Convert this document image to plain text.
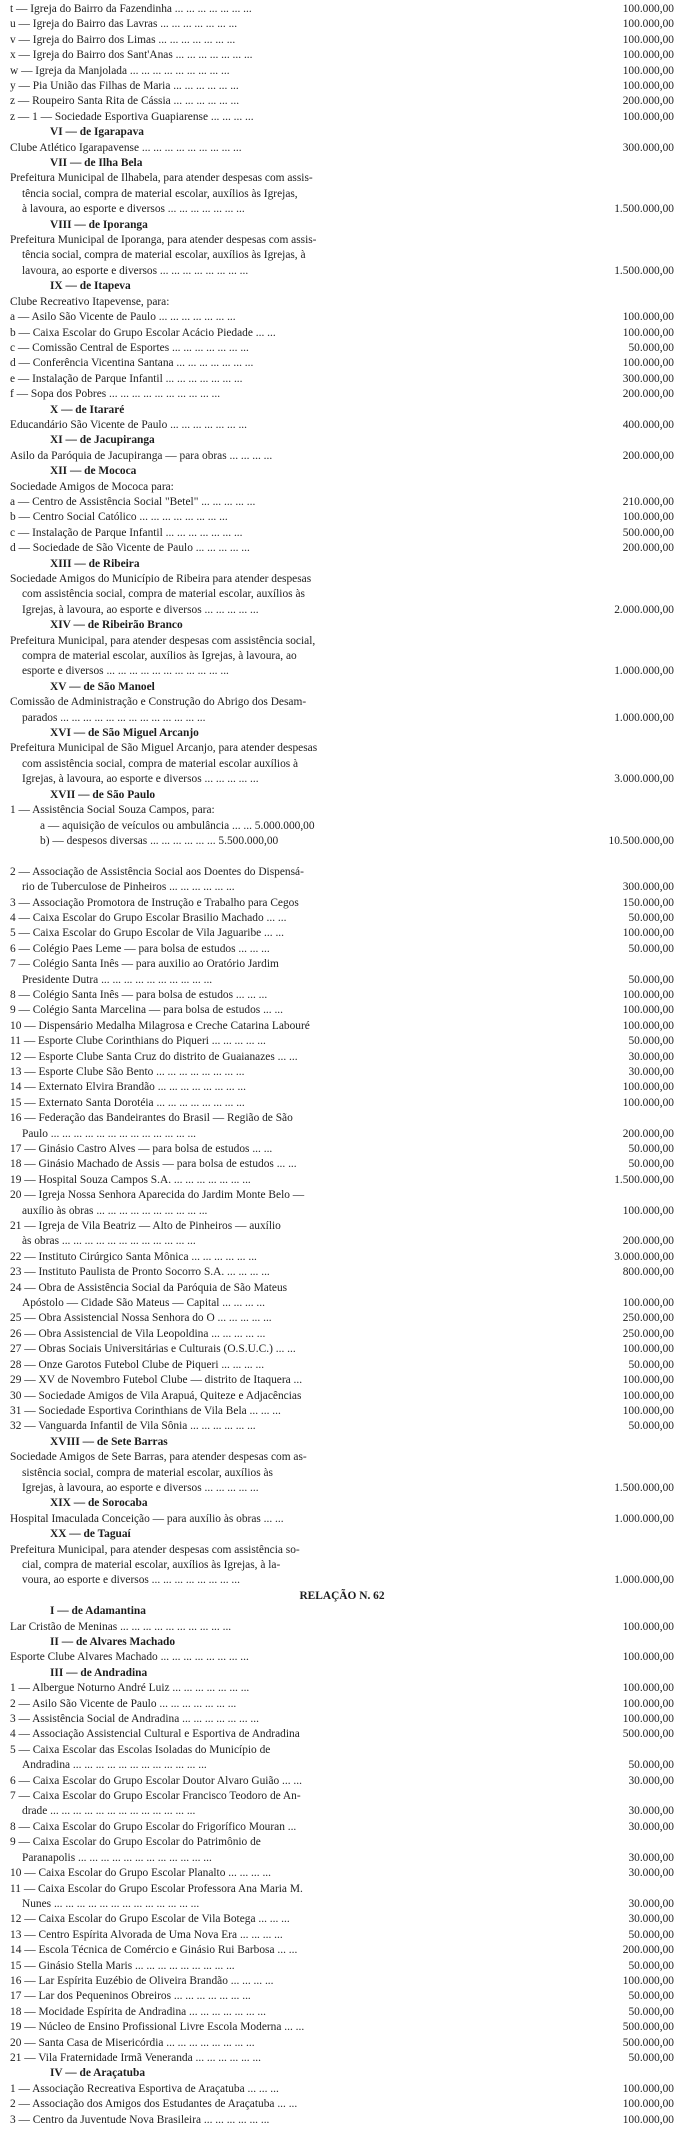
t — Igreja do Bairro da Fazendinha ... ... ... ... ... ... ...	100.000,00
u — Igreja do Bairro das Lavras ... ... ... ... ... ... ...	100.000,00
v — Igreja do Bairro dos Limas ... ... ... ... ... ... ...	100.000,00
x — Igreja do Bairro dos Sant'Anas ... ... ... ... ... ... ...	100.000,00
w — Igreja da Manjolada ... ... ... ... ... ... ... ... ...	100.000,00
y — Pia União das Filhas de Maria ... ... ... ... ... ...	100.000,00
z — Roupeiro Santa Rita de Cássia ... ... ... ... ... ...	200.000,00
z — 1 — Sociedade Esportiva Guapiarense ... ... ... ...	100.000,00
VI — de Igarapava
Clube Atlético Igarapavense ... ... ... ... ... ... ... ... ...	300.000,00
VII — de Ilha Bela
Prefeitura Municipal de Ilhabela, para atender despesas com assis-
tência social, compra de material escolar, auxílios às Igrejas,
à lavoura, ao esporte e diversos ... ... ... ... ... ... ...	1.500.000,00
VIII — de Iporanga
Prefeitura Municipal de Iporanga, para atender despesas com assis-
tência social, compra de material escolar, auxílios às Igrejas, à
lavoura, ao esporte e diversos ... ... ... ... ... ... ... ...	1.500.000,00
IX — de Itapeva
Clube Recreativo Itapevense, para:
a — Asilo São Vicente de Paulo ... ... ... ... ... ... ...	100.000,00
b — Caixa Escolar do Grupo Escolar Acácio Piedade ... ...	100.000,00
c — Comissão Central de Esportes ... ... ... ... ... ... ...	50.000,00
d — Conferência Vicentina Santana ... ... ... ... ... ... ...	100.000,00
e — Instalação de Parque Infantil ... ... ... ... ... ... ...	300.000,00
f — Sopa dos Pobres ... ... ... ... ... ... ... ... ... ...	200.000,00
X — de Itararé
Educandário São Vicente de Paulo ... ... ... ... ... ... ...	400.000,00
XI — de Jacupiranga
Asilo da Paróquia de Jacupiranga — para obras ... ... ... ...	200.000,00
XII — de Mococa
Sociedade Amigos de Mococa para:
a — Centro de Assistência Social "Betel" ... ... ... ... ...	210.000,00
b — Centro Social Católico ... ... ... ... ... ... ... ...	100.000,00
c — Instalação de Parque Infantil ... ... ... ... ... ... ...	500.000,00
d — Sociedade de São Vicente de Paulo ... ... ... ... ...	200.000,00
XIII — de Ribeira
Sociedade Amigos do Município de Ribeira para atender despesas
com assistência social, compra de material escolar, auxílios às
Igrejas, à lavoura, ao esporte e diversos ... ... ... ... ...	2.000.000,00
XIV — de Ribeirão Branco
Prefeitura Municipal, para atender despesas com assistência social,
compra de material escolar, auxílios às Igrejas, à lavoura, ao
esporte e diversos ... ... ... ... ... ... ... ... ... ... ...	1.000.000,00
XV — de São Manoel
Comissão de Administração e Construção do Abrigo dos Desam-
parados ... ... ... ... ... ... ... ... ... ... ... ... ...	1.000.000,00
XVI — de São Miguel Arcanjo
Prefeitura Municipal de São Miguel Arcanjo, para atender despesas
com assistência social, compra de material escolar auxílios à
Igrejas, à lavoura, ao esporte e diversos ... ... ... ... ...	3.000.000,00
XVII — de São Paulo
1 — Assistência Social Souza Campos, para:
a — aquisição de veículos ou ambulância ... ... 5.000.000,00
b) — despesos diversas ... ... ... ... ... ... 5.500.000,00	10.500.000,00
2 — Associação de Assistência Social aos Doentes do Dispensá-
rio de Tuberculose de Pinheiros ... ... ... ... ... ...	300.000,00
3 — Associação Promotora de Instrução e Trabalho para Cegos	150.000,00
4 — Caixa Escolar do Grupo Escolar Brasilio Machado ... ...	50.000,00
5 — Caixa Escolar do Grupo Escolar de Vila Jaguaribe ... ...	100.000,00
6 — Colégio Paes Leme — para bolsa de estudos ... ... ...	50.000,00
7 — Colégio Santa Inês — para auxilio ao Oratório Jardim
Presidente Dutra ... ... ... ... ... ... ... ... ... ...	50.000,00
8 — Colégio Santa Inês — para bolsa de estudos ... ... ...	100.000,00
9 — Colégio Santa Marcelina — para bolsa de estudos ... ...	100.000,00
10 — Dispensário Medalha Milagrosa e Creche Catarina Labouré	100.000,00
11 — Esporte Clube Corinthians do Piqueri ... ... ... ... ...	50.000,00
12 — Esporte Clube Santa Cruz do distrito de Guaianazes ... ...	30.000,00
13 — Esporte Clube São Bento ... ... ... ... ... ... ... ...	30.000,00
14 — Externato Elvira Brandão ... ... ... ... ... ... ... ...	100.000,00
15 — Externato Santa Dorotéia ... ... ... ... ... ... ... ...	100.000,00
16 — Federação das Bandeirantes do Brasil — Região de São
Paulo ... ... ... ... ... ... ... ... ... ... ... ... ...	200.000,00
17 — Ginásio Castro Alves — para bolsa de estudos ... ...	50.000,00
18 — Ginásio Machado de Assis — para bolsa de estudos ... ...	50.000,00
19 — Hospital Souza Campos S.A. ... ... ... ... ... ... ...	1.500.000,00
20 — Igreja Nossa Senhora Aparecida do Jardim Monte Belo —
auxílio às obras ... ... ... ... ... ... ... ... ... ...	100.000,00
21 — Igreja de Vila Beatriz — Alto de Pinheiros — auxílio
às obras ... ... ... ... ... ... ... ... ... ... ... ...	200.000,00
22 — Instituto Cirúrgico Santa Mônica ... ... ... ... ... ...	3.000.000,00
23 — Instituto Paulista de Pronto Socorro S.A. ... ... ... ...	800.000,00
24 — Obra de Assistência Social da Paróquia de São Mateus
Apóstolo — Cidade São Mateus — Capital ... ... ... ...	100.000,00
25 — Obra Assistencial Nossa Senhora do O ... ... ... ... ...	250.000,00
26 — Obra Assistencial de Vila Leopoldina ... ... ... ... ...	250.000,00
27 — Obras Sociais Universitárias e Culturais (O.S.U.C.) ... ...	100.000,00
28 — Onze Garotos Futebol Clube de Piqueri ... ... ... ...	50.000,00
29 — XV de Novembro Futebol Clube — distrito de Itaquera ...	100.000,00
30 — Sociedade Amigos de Vila Arapuá, Quiteze e Adjacências	100.000,00
31 — Sociedade Esportiva Corinthians de Vila Bela ... ... ...	100.000,00
32 — Vanguarda Infantil de Vila Sônia ... ... ... ... ... ...	50.000,00
XVIII — de Sete Barras
Sociedade Amigos de Sete Barras, para atender despesas com as-
sistência social, compra de material escolar, auxílios às
Igrejas, à lavoura, ao esporte e diversos ... ... ... ... ...	1.500.000,00
XIX — de Sorocaba
Hospital Imaculada Conceição — para auxílio às obras ... ...	1.000.000,00
XX — de Taguaí
Prefeitura Municipal, para atender despesas com assistência so-
cial, compra de material escolar, auxílios às Igrejas, à la-
voura, ao esporte e diversos ... ... ... ... ... ... ... ...	1.000.000,00
RELAÇÃO N. 62
I — de Adamantina
Lar Cristão de Meninas ... ... ... ... ... ... ... ... ... ...	100.000,00
II — de Alvares Machado
Esporte Clube Alvares Machado ... ... ... ... ... ... ... ...	100.000,00
III — de Andradina
1 — Albergue Noturno André Luiz ... ... ... ... ... ... ...	100.000,00
2 — Asilo São Vicente de Paulo ... ... ... ... ... ... ...	100.000,00
3 — Assistência Social de Andradina ... ... ... ... ... ... ...	100.000,00
4 — Associação Assistencial Cultural e Esportiva de Andradina	500.000,00
5 — Caixa Escolar das Escolas Isoladas do Município de
Andradina ... ... ... ... ... ... ... ... ... ... ... ...	50.000,00
6 — Caixa Escolar do Grupo Escolar Doutor Alvaro Guião ... ...	30.000,00
7 — Caixa Escolar do Grupo Escolar Francisco Teodoro de An-
drade ... ... ... ... ... ... ... ... ... ... ... ... ...	30.000,00
8 — Caixa Escolar do Grupo Escolar do Frigorífico Mouran ...	30.000,00
9 — Caixa Escolar do Grupo Escolar do Patrimônio de
Paranapolis ... ... ... ... ... ... ... ... ... ... ... ...	30.000,00
10 — Caixa Escolar do Grupo Escolar Planalto ... ... ... ...	30.000,00
11 — Caixa Escolar do Grupo Escolar Professora Ana Maria M.
Nunes ... ... ... ... ... ... ... ... ... ... ... ... ...	30.000,00
12 — Caixa Escolar do Grupo Escolar de Vila Botega ... ... ...	30.000,00
13 — Centro Espírita Alvorada de Uma Nova Era ... ... ... ...	50.000,00
14 — Escola Técnica de Comércio e Ginásio Rui Barbosa ... ...	200.000,00
15 — Ginásio Stella Maris ... ... ... ... ... ... ... ... ...	50.000,00
16 — Lar Espírita Euzébio de Oliveira Brandão ... ... ... ...	100.000,00
17 — Lar dos Pequeninos Obreiros ... ... ... ... ... ... ...	50.000,00
18 — Mocidade Espírita de Andradina ... ... ... ... ... ... ...	50.000,00
19 — Núcleo de Ensino Profissional Livre Escola Moderna ... ...	500.000,00
20 — Santa Casa de Misericórdia ... ... ... ... ... ... ... ...	500.000,00
21 — Vila Fraternidade Irmã Veneranda ... ... ... ... ... ...	50.000,00
IV — de Araçatuba
1 — Associação Recreativa Esportiva de Araçatuba ... ... ...	100.000,00
2 — Associação dos Amigos dos Estudantes de Araçatuba ... ...	100.000,00
3 — Centro da Juventude Nova Brasileira ... ... ... ... ... ...	100.000,00
